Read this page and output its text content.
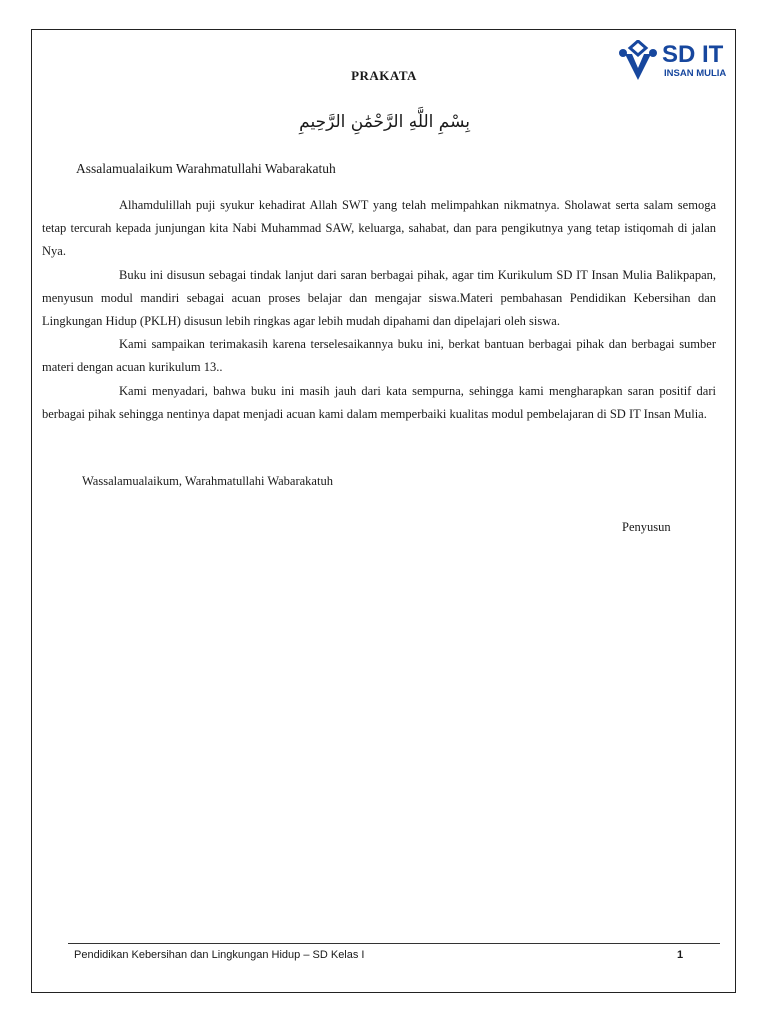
SD IT
INSAN MULIA
PRAKATA
بِسْمِ اللَّهِ الرَّحْمَٰنِ الرَّحِيمِ
Assalamualaikum Warahmatullahi Wabarakatuh

Alhamdulillah puji syukur kehadirat Allah SWT yang telah melimpahkan nikmatnya. Sholawat serta salam semoga tetap tercurah kepada junjungan kita Nabi Muhammad SAW, keluarga, sahabat, dan para pengikutnya yang tetap istiqomah di jalan Nya.

Buku ini disusun sebagai tindak lanjut dari saran berbagai pihak, agar tim Kurikulum SD IT Insan Mulia Balikpapan, menyusun modul mandiri sebagai acuan proses belajar dan mengajar siswa.Materi pembahasan Pendidikan Kebersihan dan Lingkungan Hidup (PKLH) disusun lebih ringkas agar lebih mudah dipahami dan dipelajari oleh siswa.

Kami sampaikan terimakasih karena terselesaikannya buku ini, berkat bantuan berbagai pihak dan berbagai sumber materi dengan acuan kurikulum 13..

Kami menyadari, bahwa buku ini masih jauh dari kata sempurna, sehingga kami mengharapkan saran positif dari berbagai pihak sehingga nentinya dapat menjadi acuan kami dalam memperbaiki kualitas modul pembelajaran di SD IT Insan Mulia.

Wassalamualaikum, Warahmatullahi Wabarakatuh
Penyusun
Pendidikan Kebersihan dan Lingkungan Hidup – SD Kelas I	1
